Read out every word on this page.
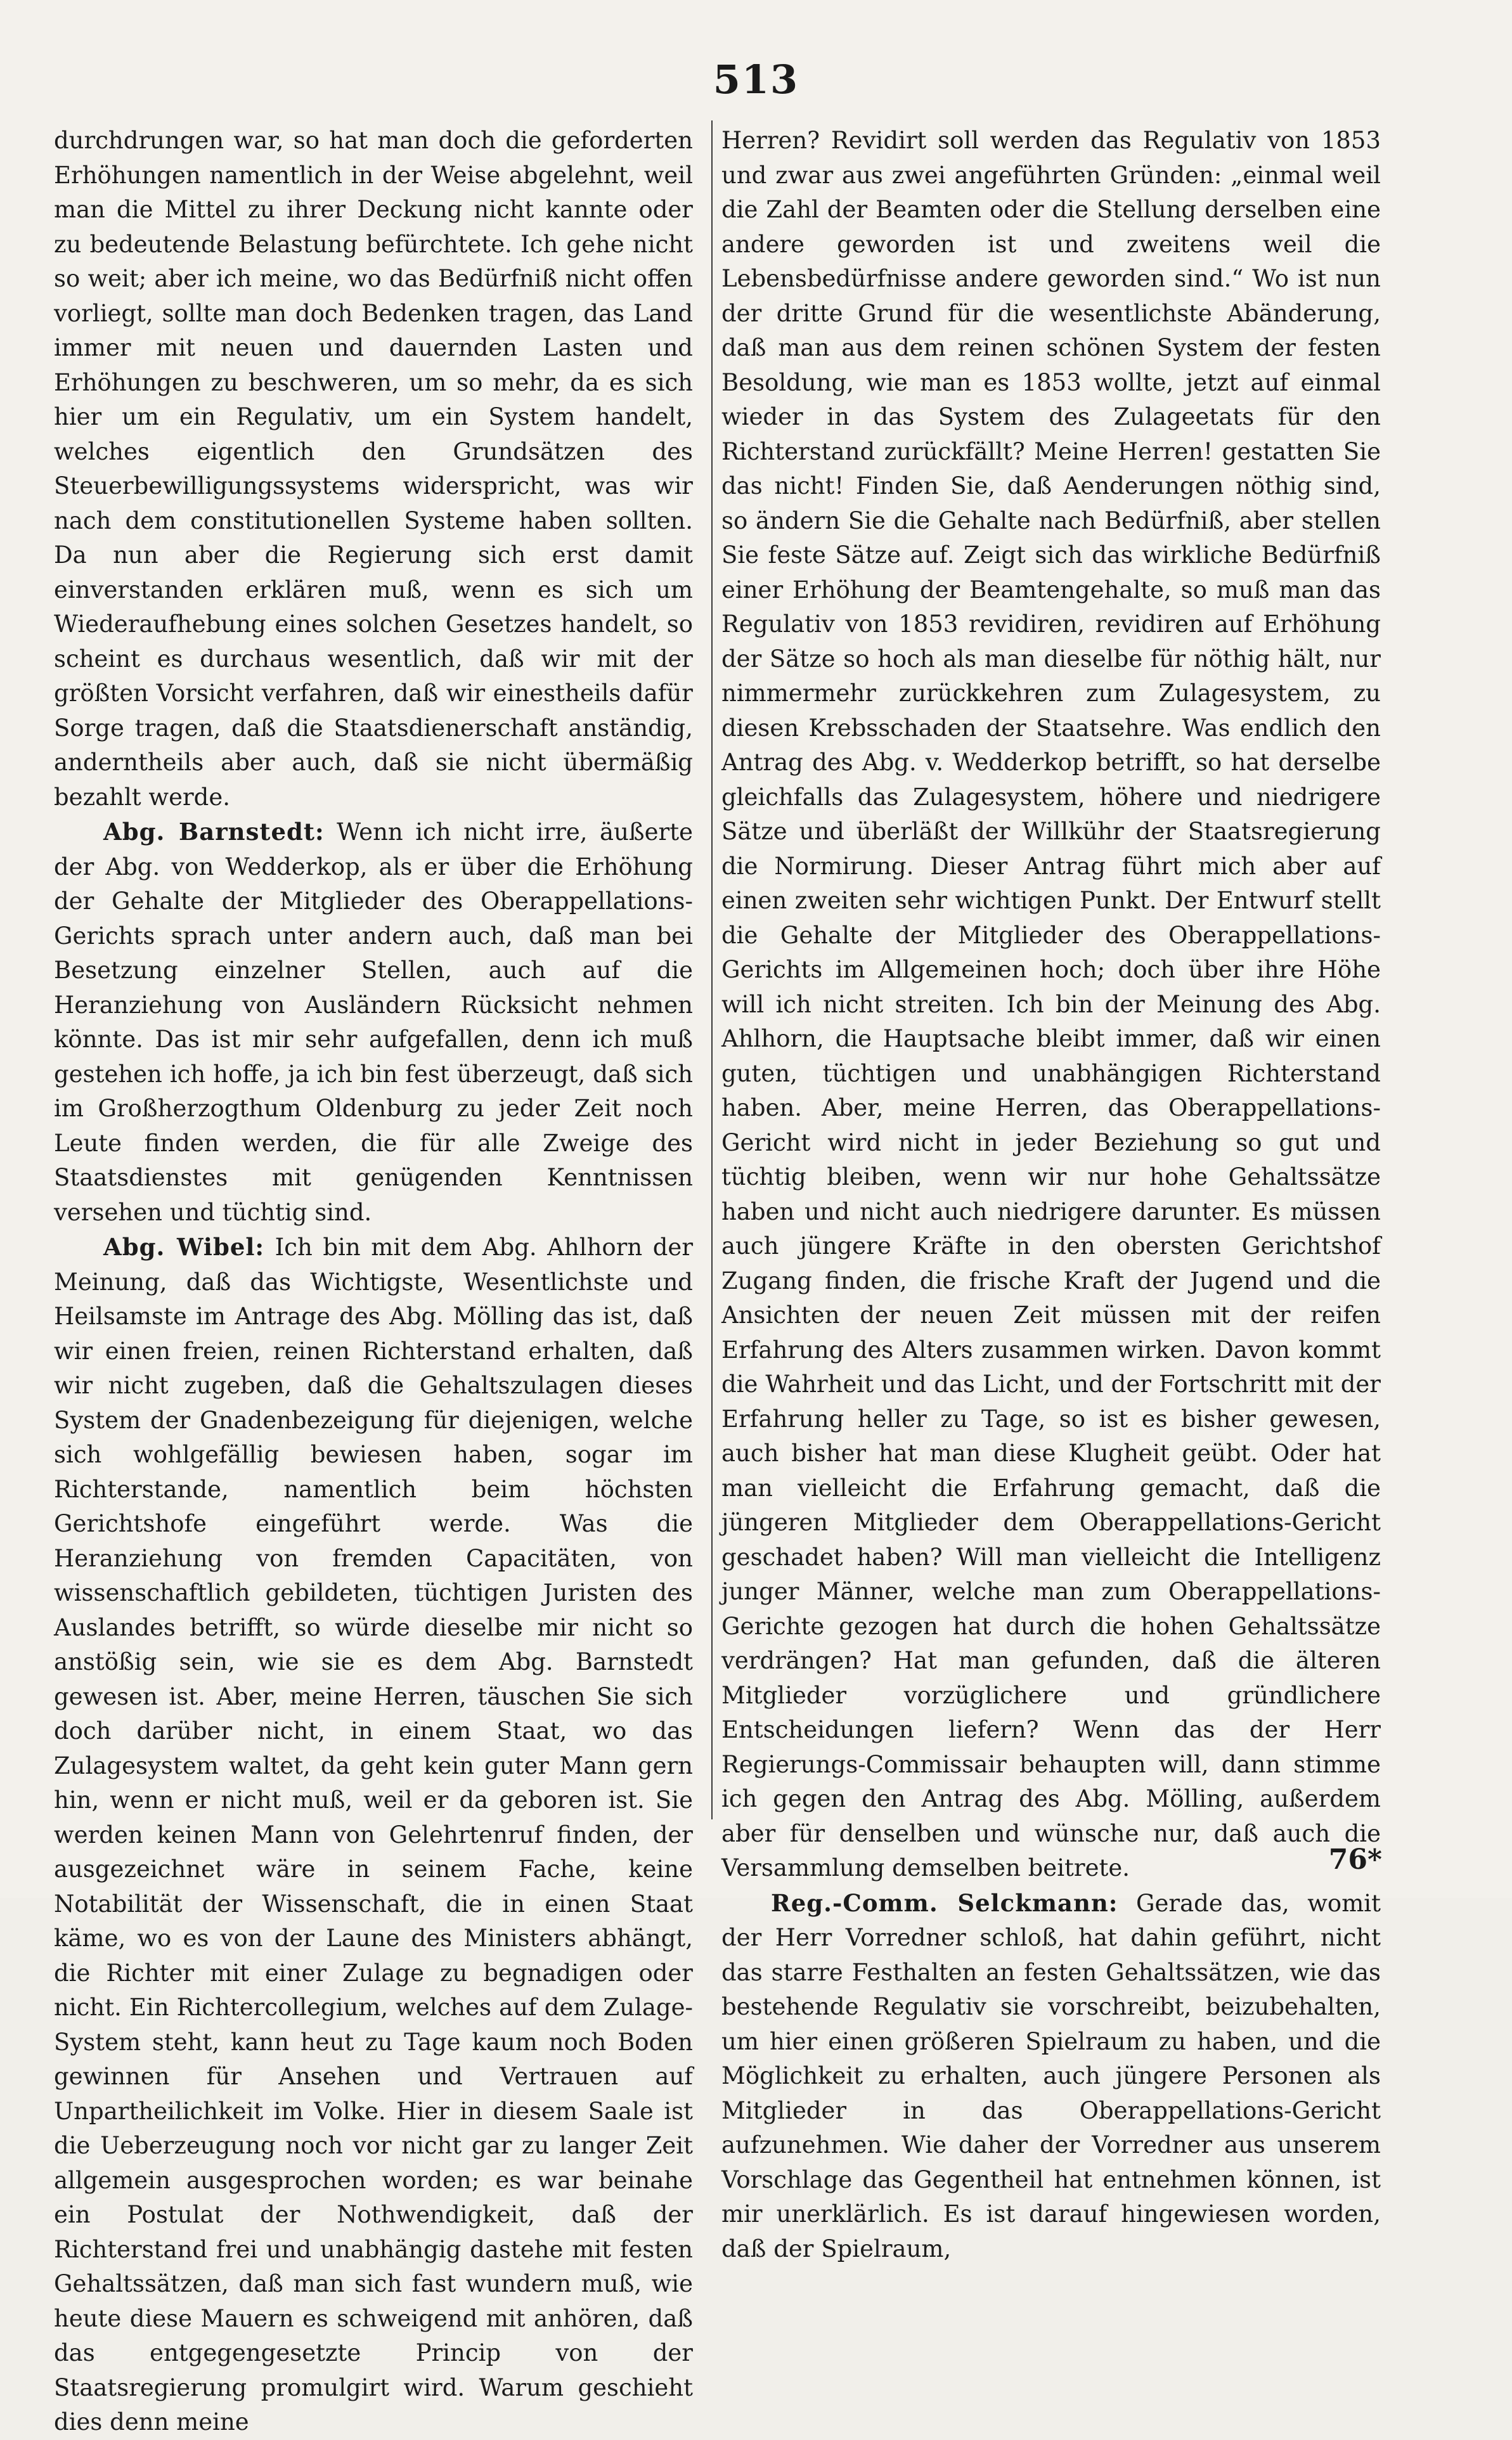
513

durchdrungen war, so hat man doch die geforderten Erhöhungen namentlich in der Weise abgelehnt, weil man die Mittel zu ihrer Deckung nicht kannte oder zu bedeutende Belastung befürchtete. Ich gehe nicht so weit; aber ich meine, wo das Bedürfniß nicht offen vorliegt, sollte man doch Bedenken tragen, das Land immer mit neuen und dauernden Lasten und Erhöhungen zu beschweren, um so mehr, da es sich hier um ein Regulativ, um ein System handelt, welches eigentlich den Grundsätzen des Steuerbewilligungssystems widerspricht, was wir nach dem constitutionellen Systeme haben sollten. Da nun aber die Regierung sich erst damit einverstanden erklären muß, wenn es sich um Wiederaufhebung eines solchen Gesetzes handelt, so scheint es durchaus wesentlich, daß wir mit der größten Vorsicht verfahren, daß wir einestheils dafür Sorge tragen, daß die Staatsdienerschaft anständig, anderntheils aber auch, daß sie nicht übermäßig bezahlt werde.

Abg. Barnstedt: Wenn ich nicht irre, äußerte der Abg. von Wedderkop, als er über die Erhöhung der Gehalte der Mitglieder des Oberappellations-Gerichts sprach unter andern auch, daß man bei Besetzung einzelner Stellen, auch auf die Heranziehung von Ausländern Rücksicht nehmen könnte. Das ist mir sehr aufgefallen, denn ich muß gestehen ich hoffe, ja ich bin fest überzeugt, daß sich im Großherzogthum Oldenburg zu jeder Zeit noch Leute finden werden, die für alle Zweige des Staatsdienstes mit genügenden Kenntnissen versehen und tüchtig sind.

Abg. Wibel: Ich bin mit dem Abg. Ahlhorn der Meinung, daß das Wichtigste, Wesentlichste und Heilsamste im Antrage des Abg. Mölling das ist, daß wir einen freien, reinen Richterstand erhalten, daß wir nicht zugeben, daß die Gehaltszulagen dieses System der Gnadenbezeigung für diejenigen, welche sich wohlgefällig bewiesen haben, sogar im Richterstande, namentlich beim höchsten Gerichtshofe eingeführt werde. Was die Heranziehung von fremden Capacitäten, von wissenschaftlich gebildeten, tüchtigen Juristen des Auslandes betrifft, so würde dieselbe mir nicht so anstößig sein, wie sie es dem Abg. Barnstedt gewesen ist. Aber, meine Herren, täuschen Sie sich doch darüber nicht, in einem Staat, wo das Zulagesystem waltet, da geht kein guter Mann gern hin, wenn er nicht muß, weil er da geboren ist. Sie werden keinen Mann von Gelehrtenruf finden, der ausgezeichnet wäre in seinem Fache, keine Notabilität der Wissenschaft, die in einen Staat käme, wo es von der Laune des Ministers abhängt, die Richter mit einer Zulage zu begnadigen oder nicht. Ein Richtercollegium, welches auf dem Zulage-System steht, kann heut zu Tage kaum noch Boden gewinnen für Ansehen und Vertrauen auf Unpartheilichkeit im Volke. Hier in diesem Saale ist die Ueberzeugung noch vor nicht gar zu langer Zeit allgemein ausgesprochen worden; es war beinahe ein Postulat der Nothwendigkeit, daß der Richterstand frei und unabhängig dastehe mit festen Gehaltssätzen, daß man sich fast wundern muß, wie heute diese Mauern es schweigend mit anhören, daß das entgegengesetzte Princip von der Staatsregierung promulgirt wird. Warum geschieht dies denn meine

Herren? Revidirt soll werden das Regulativ von 1853 und zwar aus zwei angeführten Gründen: „einmal weil die Zahl der Beamten oder die Stellung derselben eine andere geworden ist und zweitens weil die Lebensbedürfnisse andere geworden sind.“ Wo ist nun der dritte Grund für die wesentlichste Abänderung, daß man aus dem reinen schönen System der festen Besoldung, wie man es 1853 wollte, jetzt auf einmal wieder in das System des Zulageetats für den Richterstand zurückfällt? Meine Herren! gestatten Sie das nicht! Finden Sie, daß Aenderungen nöthig sind, so ändern Sie die Gehalte nach Bedürfniß, aber stellen Sie feste Sätze auf. Zeigt sich das wirkliche Bedürfniß einer Erhöhung der Beamtengehalte, so muß man das Regulativ von 1853 revidiren, revidiren auf Erhöhung der Sätze so hoch als man dieselbe für nöthig hält, nur nimmermehr zurückkehren zum Zulagesystem, zu diesen Krebsschaden der Staatsehre. Was endlich den Antrag des Abg. v. Wedderkop betrifft, so hat derselbe gleichfalls das Zulagesystem, höhere und niedrigere Sätze und überläßt der Willkühr der Staatsregierung die Normirung. Dieser Antrag führt mich aber auf einen zweiten sehr wichtigen Punkt. Der Entwurf stellt die Gehalte der Mitglieder des Oberappellations-Gerichts im Allgemeinen hoch; doch über ihre Höhe will ich nicht streiten. Ich bin der Meinung des Abg. Ahlhorn, die Hauptsache bleibt immer, daß wir einen guten, tüchtigen und unabhängigen Richterstand haben. Aber, meine Herren, das Oberappellations-Gericht wird nicht in jeder Beziehung so gut und tüchtig bleiben, wenn wir nur hohe Gehaltssätze haben und nicht auch niedrigere darunter. Es müssen auch jüngere Kräfte in den obersten Gerichtshof Zugang finden, die frische Kraft der Jugend und die Ansichten der neuen Zeit müssen mit der reifen Erfahrung des Alters zusammen wirken. Davon kommt die Wahrheit und das Licht, und der Fortschritt mit der Erfahrung heller zu Tage, so ist es bisher gewesen, auch bisher hat man diese Klugheit geübt. Oder hat man vielleicht die Erfahrung gemacht, daß die jüngeren Mitglieder dem Oberappellations-Gericht geschadet haben? Will man vielleicht die Intelligenz junger Männer, welche man zum Oberappellations-Gerichte gezogen hat durch die hohen Gehaltssätze verdrängen? Hat man gefunden, daß die älteren Mitglieder vorzüglichere und gründlichere Entscheidungen liefern? Wenn das der Herr Regierungs-Commissair behaupten will, dann stimme ich gegen den Antrag des Abg. Mölling, außerdem aber für denselben und wünsche nur, daß auch die Versammlung demselben beitrete.

Reg.-Comm. Selckmann: Gerade das, womit der Herr Vorredner schloß, hat dahin geführt, nicht das starre Festhalten an festen Gehaltssätzen, wie das bestehende Regulativ sie vorschreibt, beizubehalten, um hier einen größeren Spielraum zu haben, und die Möglichkeit zu erhalten, auch jüngere Personen als Mitglieder in das Oberappellations-Gericht aufzunehmen. Wie daher der Vorredner aus unserem Vorschlage das Gegentheil hat entnehmen können, ist mir unerklärlich. Es ist darauf hingewiesen worden, daß der Spielraum,

76*
